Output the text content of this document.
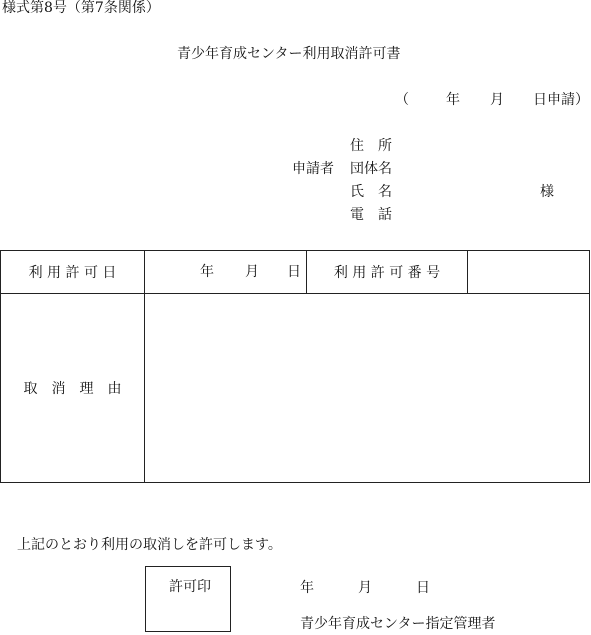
様式第8号（第7条関係）
青少年育成センター利用取消許可書
（	年 月 日申請）
住　所
申請者 団体名
氏　名	様
電　話
利 用 許 可 日	年 月 日	利 用 許 可 番 号
取　消　理　由
上記のとおり利用の取消しを許可します。
許可印	年	月	日
青少年育成センター指定管理者
